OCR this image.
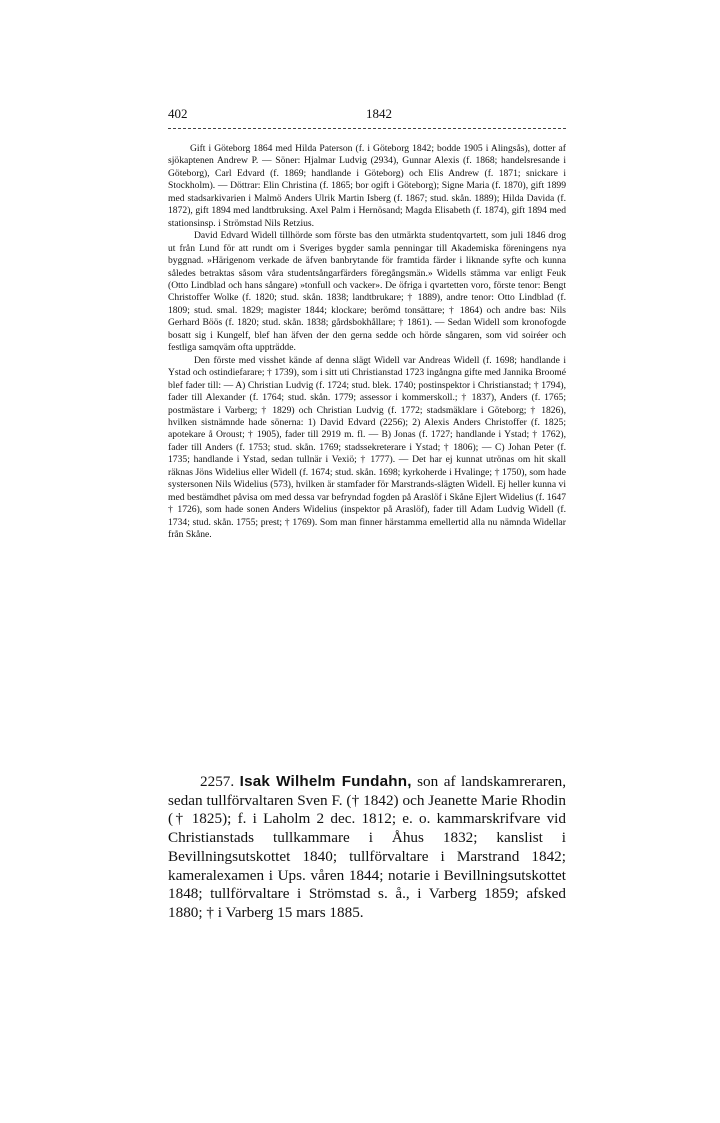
402	1842

Gift i Göteborg 1864 med Hilda Paterson (f. i Göteborg 1842; bodde 1905 i Alingsås), dotter af sjökaptenen Andrew P. — Söner: Hjalmar Ludvig (2934), Gunnar Alexis (f. 1868; handelsresande i Göteborg), Carl Edvard (f. 1869; handlande i Göteborg) och Elis Andrew (f. 1871; snickare i Stockholm). — Döttrar: Elin Christina (f. 1865; bor ogift i Göteborg); Signe Maria (f. 1870), gift 1899 med stadsarkivarien i Malmö Anders Ulrik Martin Isberg (f. 1867; stud. skån. 1889); Hilda Davida (f. 1872), gift 1894 med landtbruksing. Axel Palm i Hernösand; Magda Elisabeth (f. 1874), gift 1894 med stationsinsp. i Strömstad Nils Retzius.

David Edvard Widell tillhörde som förste bas den utmärkta studentqvartett, som juli 1846 drog ut från Lund för att rundt om i Sveriges bygder samla penningar till Akademiska föreningens nya byggnad. »Härigenom verkade de äfven banbrytande för framtida färder i liknande syfte och kunna således betraktas såsom våra studentsångarfärders föregångsmän.» Widells stämma var enligt Feuk (Otto Lindblad och hans sångare) »tonfull och vacker». De öfriga i qvartetten voro, förste tenor: Bengt Christoffer Wolke (f. 1820; stud. skån. 1838; landtbrukare; † 1889), andre tenor: Otto Lindblad (f. 1809; stud. smal. 1829; magister 1844; klockare; berömd tonsättare; † 1864) och andre bas: Nils Gerhard Böös (f. 1820; stud. skån. 1838; gårdsbokhållare; † 1861). — Sedan Widell som kronofogde bosatt sig i Kungelf, blef han äfven der den gerna sedde och hörde sångaren, som vid soiréer och festliga samqväm ofta uppträdde.

Den förste med visshet kände af denna slägt Widell var Andreas Widell (f. 1698; handlande i Ystad och ostindiefarare; † 1739), som i sitt uti Christianstad 1723 ingångna gifte med Jannika Broomé blef fader till: — A) Christian Ludvig (f. 1724; stud. blek. 1740; postinspektor i Christianstad; † 1794), fader till Alexander (f. 1764; stud. skån. 1779; assessor i kommerskoll.; † 1837), Anders (f. 1765; postmästare i Varberg; † 1829) och Christian Ludvig (f. 1772; stadsmäklare i Göteborg; † 1826), hvilken sistnämnde hade sönerna: 1) David Edvard (2256); 2) Alexis Anders Christoffer (f. 1825; apotekare å Oroust; † 1905), fader till 2919 m. fl. — B) Jonas (f. 1727; handlande i Ystad; † 1762), fader till Anders (f. 1753; stud. skån. 1769; stadssekreterare i Ystad; † 1806); — C) Johan Peter (f. 1735; handlande i Ystad, sedan tullnär i Vexiö; † 1777). — Det har ej kunnat utrönas om hit skall räknas Jöns Widelius eller Widell (f. 1674; stud. skån. 1698; kyrkoherde i Hvalinge; † 1750), som hade systersonen Nils Widelius (573), hvilken är stamfader för Marstrands-slägten Widell. Ej heller kunna vi med bestämdhet påvisa om med dessa var befryndad fogden på Araslöf i Skåne Ejlert Widelius (f. 1647 † 1726), som hade sonen Anders Widelius (inspektor på Araslöf), fader till Adam Ludvig Widell (f. 1734; stud. skån. 1755; prest; † 1769). Som man finner härstamma emellertid alla nu nämnda Widellar från Skåne.

2257. Isak Wilhelm Fundahn, son af landskamreraren, sedan tullförvaltaren Sven F. († 1842) och Jeanette Marie Rhodin († 1825); f. i Laholm 2 dec. 1812; e. o. kammarskrifvare vid Christianstads tullkammare i Åhus 1832; kanslist i Bevillningsutskottet 1840; tullförvaltare i Marstrand 1842; kameralexamen i Ups. våren 1844; notarie i Bevillningsutskottet 1848; tullförvaltare i Strömstad s. å., i Varberg 1859; afsked 1880; † i Varberg 15 mars 1885.
